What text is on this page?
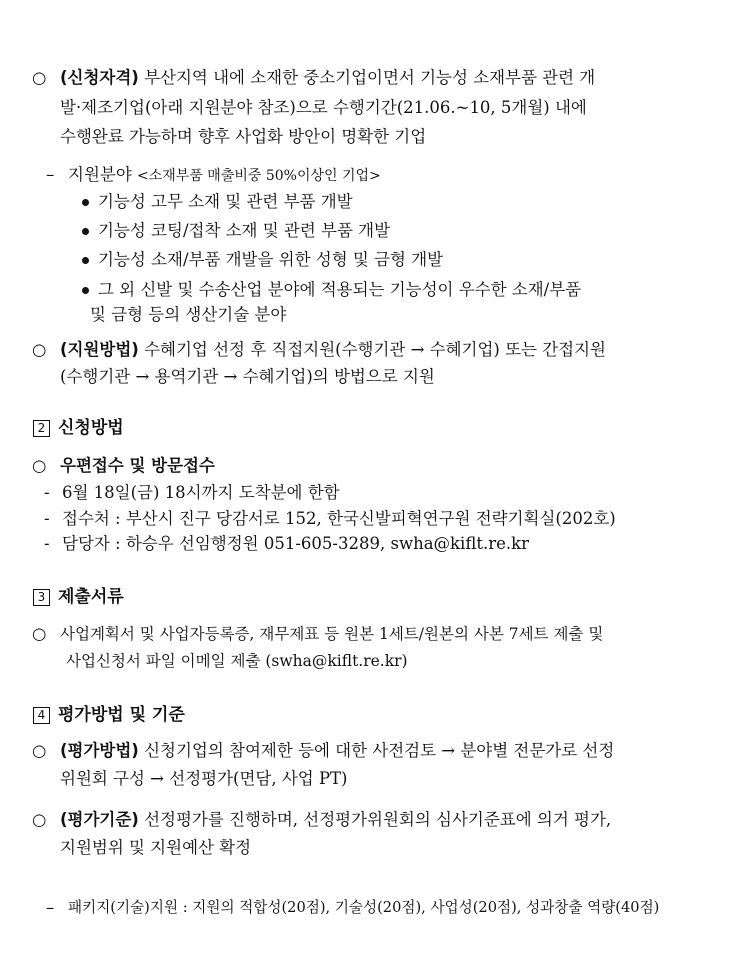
○ (신청자격) 부산지역 내에 소재한 중소기업이면서 기능성 소재부품 관련 개
발·제조기업(아래 지원분야 참조)으로 수행기간(21.06.~10, 5개월) 내에
수행완료 가능하며 향후 사업화 방안이 명확한 기업
– 지원분야 <소재부품 매출비중 50%이상인 기업>
기능성 고무 소재 및 관련 부품 개발
기능성 코팅/접착 소재 및 관련 부품 개발
기능성 소재/부품 개발을 위한 성형 및 금형 개발
그 외 신발 및 수송산업 분야에 적용되는 기능성이 우수한 소재/부품
및 금형 등의 생산기술 분야
○ (지원방법) 수혜기업 선정 후 직접지원(수행기관 → 수혜기업) 또는 간접지원
(수행기관 → 용역기관 → 수혜기업)의 방법으로 지원
2 신청방법
○ 우편접수 및 방문접수
- 6월 18일(금) 18시까지 도착분에 한함
- 접수처 : 부산시 진구 당감서로 152, 한국신발피혁연구원 전략기획실(202호)
- 담당자 : 하승우 선임행정원 051-605-3289, swha@kiflt.re.kr
3 제출서류
○ 사업계획서 및 사업자등록증, 재무제표 등 원본 1세트/원본의 사본 7세트 제출 및
사업신청서 파일 이메일 제출 (swha@kiflt.re.kr)
4 평가방법 및 기준
○ (평가방법) 신청기업의 참여제한 등에 대한 사전검토 → 분야별 전문가로 선정
위원회 구성 → 선정평가(면담, 사업 PT)
○ (평가기준) 선정평가를 진행하며, 선정평가위원회의 심사기준표에 의거 평가,
지원범위 및 지원예산 확정
– 패키지(기술)지원 : 지원의 적합성(20점), 기술성(20점), 사업성(20점), 성과창출 역량(40점)
